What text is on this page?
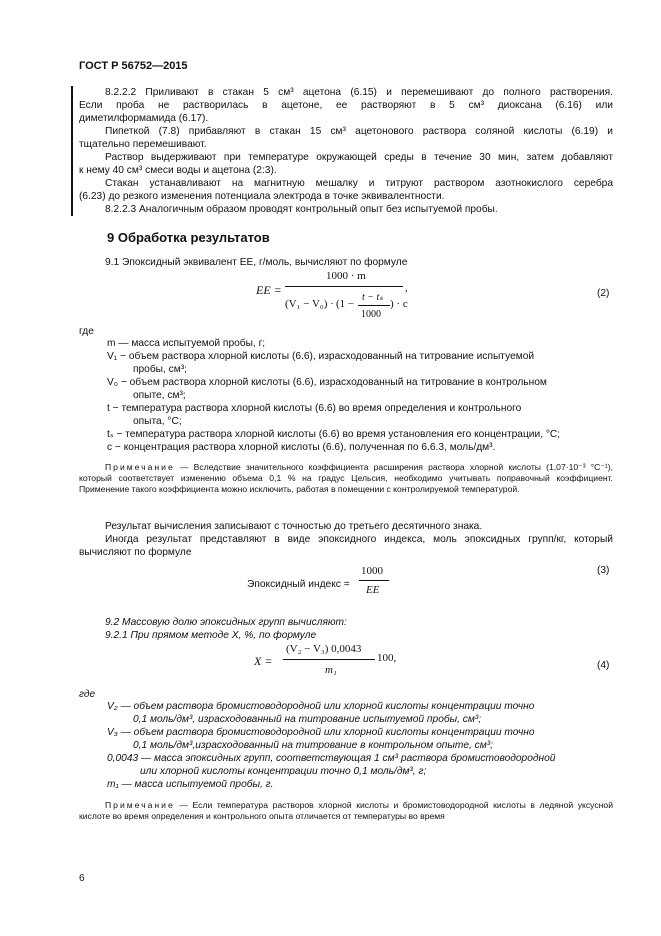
ГОСТ Р 56752—2015

8.2.2.2 Приливают в стакан 5 см³ ацетона (6.15) и перемешивают до полного растворения.

Если проба не растворилась в ацетоне, ее растворяют в 5 см³ диоксана (6.16) или

диметилформамида (6.17).

Пипеткой (7.8) прибавляют в стакан 15 см³ ацетонового раствора соляной кислоты (6.19) и

тщательно перемешивают.

Раствор выдерживают при температуре окружающей среды в течение 30 мин, затем добавляют

к нему 40 см³ смеси воды и ацетона (2:3).

Стакан устанавливают на магнитную мешалку и титруют раствором азотнокислого серебра

(6.23) до резкого изменения потенциала электрода в точке эквивалентности.

8.2.2.3 Аналогичным образом проводят контрольный опыт без испытуемой пробы.

9 Обработка результатов
9.1 Эпоксидный эквивалент EE, г/моль, вычисляют по формуле
EE =
1000 · m
(V₁ − V₀) · (1 −
t − tₛ
1000
) · c
,	(2)
где
m — масса испытуемой пробы, г;
V₁ − объем раствора хлорной кислоты (6.6), израсходованный на титрование испытуемой
пробы, см³;
V₀ − объем раствора хлорной кислоты (6.6), израсходованный на титрование в контрольном
опыте, см³;
t − температура раствора хлорной кислоты (6.6) во время определения и контрольного
опыта, °C;
tₛ − температура раствора хлорной кислоты (6.6) во время установления его концентрации, °C;
c − концентрация раствора хлорной кислоты (6.6), полученная по 6.6.3, моль/дм³.

Примечание — Вследствие значительного коэффициента расширения раствора хлорной кислоты (1,07·10⁻³ °C⁻¹), который соответствует изменению объема 0,1 % на градус Цельсия, необходимо учитывать поправочный коэффициент. Применение такого коэффициента можно исключить, работая в помещении с контролируемой температурой.

Результат вычисления записывают с точностью до третьего десятичного знака.

Иногда результат представляют в виде эпоксидного индекса, моль эпоксидных групп/кг, который

вычисляют по формуле

Эпоксидный индекс =
1000
EE
(3)
9.2 Массовую долю эпоксидных групп вычисляют:
9.2.1 При прямом методе X, %, по формуле
X =
(V₂ − V₃) 0,0043
m₁
100,
(4)
где
V₂ — объем раствора бромистоводородной или хлорной кислоты концентрации точно
0,1 моль/дм³, израсходованный на титрование испытуемой пробы, см³;
V₃ — объем раствора бромистоводородной или хлорной кислоты концентрации точно
0,1 моль/дм³,израсходованный на титрование в контрольном опыте, см³;
0,0043 — масса эпоксидных групп, соответствующая 1 см³ раствора бромистоводородной
или хлорной кислоты концентрации точно 0,1 моль/дм³, г;
m₁ — масса испытуемой пробы, г.

Примечание — Если температура растворов хлорной кислоты и бромистоводородной кислоты в ледяной уксусной кислоте во время определения и контрольного опыта отличается от температуры во время

6
